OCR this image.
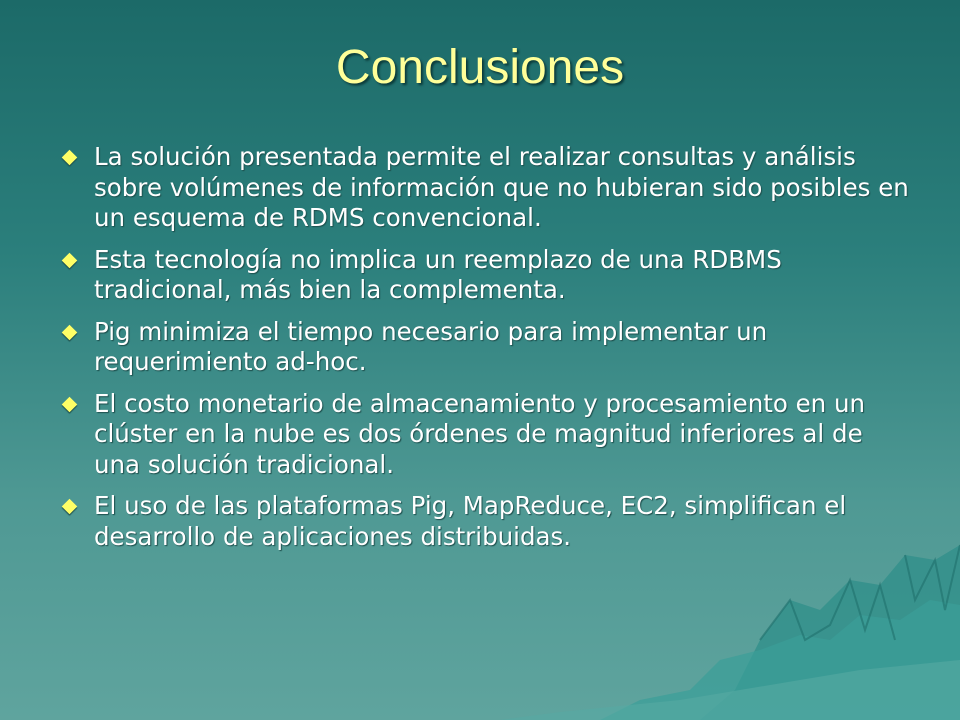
Conclusiones
La solución presentada permite el realizar consultas y análisis sobre volúmenes de información que no hubieran sido posibles en un esquema de RDMS convencional.
Esta tecnología no implica un reemplazo de una RDBMS tradicional, más bien la complementa.
Pig minimiza el tiempo necesario para implementar un requerimiento ad-hoc.
El costo monetario de almacenamiento y procesamiento en un clúster en la nube es dos órdenes de magnitud inferiores al de una solución tradicional.
El uso de las plataformas Pig, MapReduce, EC2, simplifican el desarrollo de aplicaciones distribuidas.
